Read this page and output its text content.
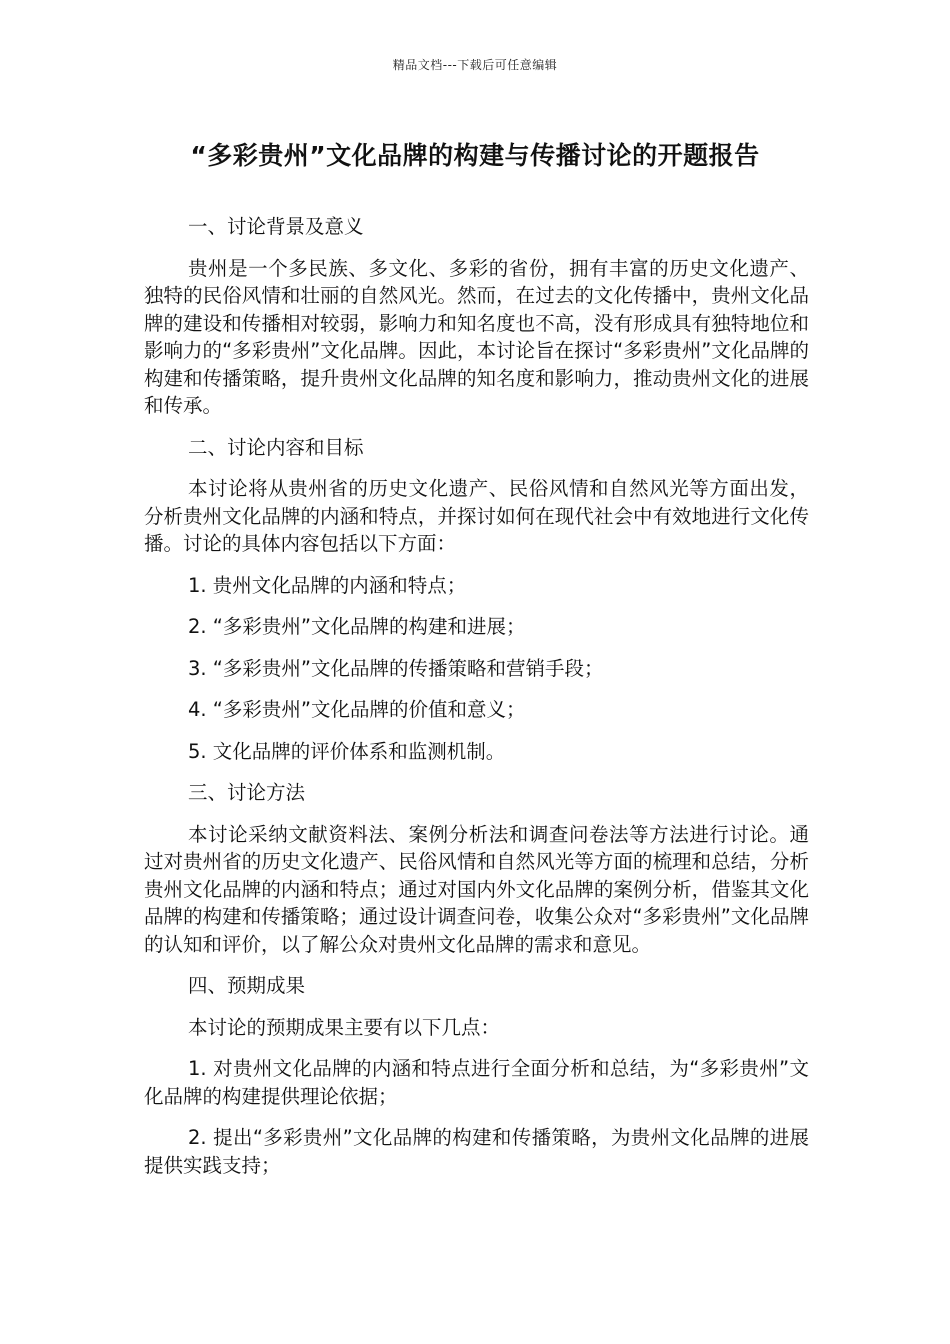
精品文档---下载后可任意编辑
“多彩贵州”文化品牌的构建与传播讨论的开题报告

一、讨论背景及意义

贵州是一个多民族、多文化、多彩的省份，拥有丰富的历史文化遗产、独特的民俗风情和壮丽的自然风光。然而，在过去的文化传播中，贵州文化品牌的建设和传播相对较弱，影响力和知名度也不高，没有形成具有独特地位和影响力的“多彩贵州”文化品牌。因此，本讨论旨在探讨“多彩贵州”文化品牌的构建和传播策略，提升贵州文化品牌的知名度和影响力，推动贵州文化的进展和传承。

二、讨论内容和目标

本讨论将从贵州省的历史文化遗产、民俗风情和自然风光等方面出发，分析贵州文化品牌的内涵和特点，并探讨如何在现代社会中有效地进行文化传播。讨论的具体内容包括以下方面：

1. 贵州文化品牌的内涵和特点；

2. “多彩贵州”文化品牌的构建和进展；

3. “多彩贵州”文化品牌的传播策略和营销手段；

4. “多彩贵州”文化品牌的价值和意义；

5. 文化品牌的评价体系和监测机制。

三、讨论方法

本讨论采纳文献资料法、案例分析法和调查问卷法等方法进行讨论。通过对贵州省的历史文化遗产、民俗风情和自然风光等方面的梳理和总结，分析贵州文化品牌的内涵和特点；通过对国内外文化品牌的案例分析，借鉴其文化品牌的构建和传播策略；通过设计调查问卷，收集公众对“多彩贵州”文化品牌的认知和评价，以了解公众对贵州文化品牌的需求和意见。

四、预期成果

本讨论的预期成果主要有以下几点：

1. 对贵州文化品牌的内涵和特点进行全面分析和总结，为“多彩贵州”文化品牌的构建提供理论依据；

2. 提出“多彩贵州”文化品牌的构建和传播策略，为贵州文化品牌的进展提供实践支持；
